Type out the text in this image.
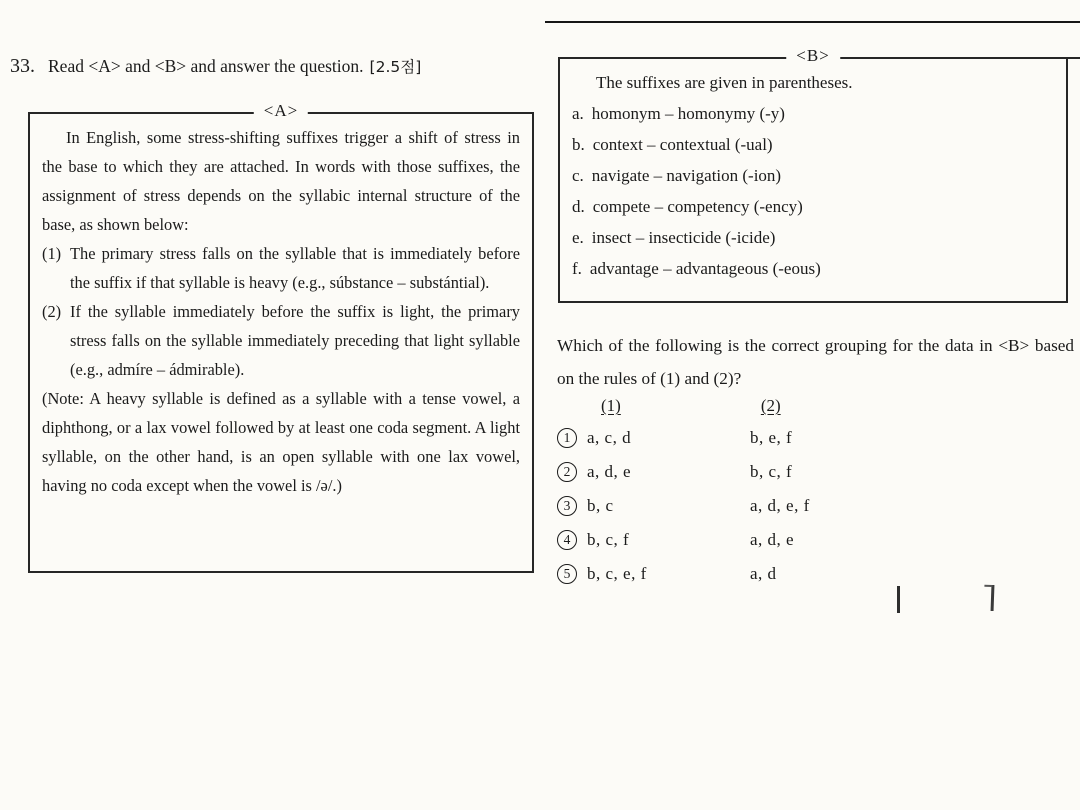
33. Read <A> and <B> and answer the question. [2.5점]
<A>

In English, some stress-shifting suffixes trigger a shift of stress in the base to which they are attached. In words with those suffixes, the assignment of stress depends on the syllabic internal structure of the base, as shown below:

(1) The primary stress falls on the syllable that is immediately before the suffix if that syllable is heavy (e.g., súbstance – substántial).

(2) If the syllable immediately before the suffix is light, the primary stress falls on the syllable immediately preceding that light syllable (e.g., admíre – ádmirable).

(Note: A heavy syllable is defined as a syllable with a tense vowel, a diphthong, or a lax vowel followed by at least one coda segment. A light syllable, on the other hand, is an open syllable with one lax vowel, having no coda except when the vowel is /ə/.)

<B>

The suffixes are given in parentheses.

a. homonym – homonymy (-y)

b. context – contextual (-ual)

c. navigate – navigation (-ion)

d. compete – competency (-ency)

e. insect – insecticide (-icide)

f. advantage – advantageous (-eous)

Which of the following is the correct grouping for the data in <B> based on the rules of (1) and (2)?

(1)	(2)
1 a, c, d	b, e, f
2 a, d, e	b, c, f
3 b, c	a, d, e, f
4 b, c, f	a, d, e
5 b, c, e, f	a, d
